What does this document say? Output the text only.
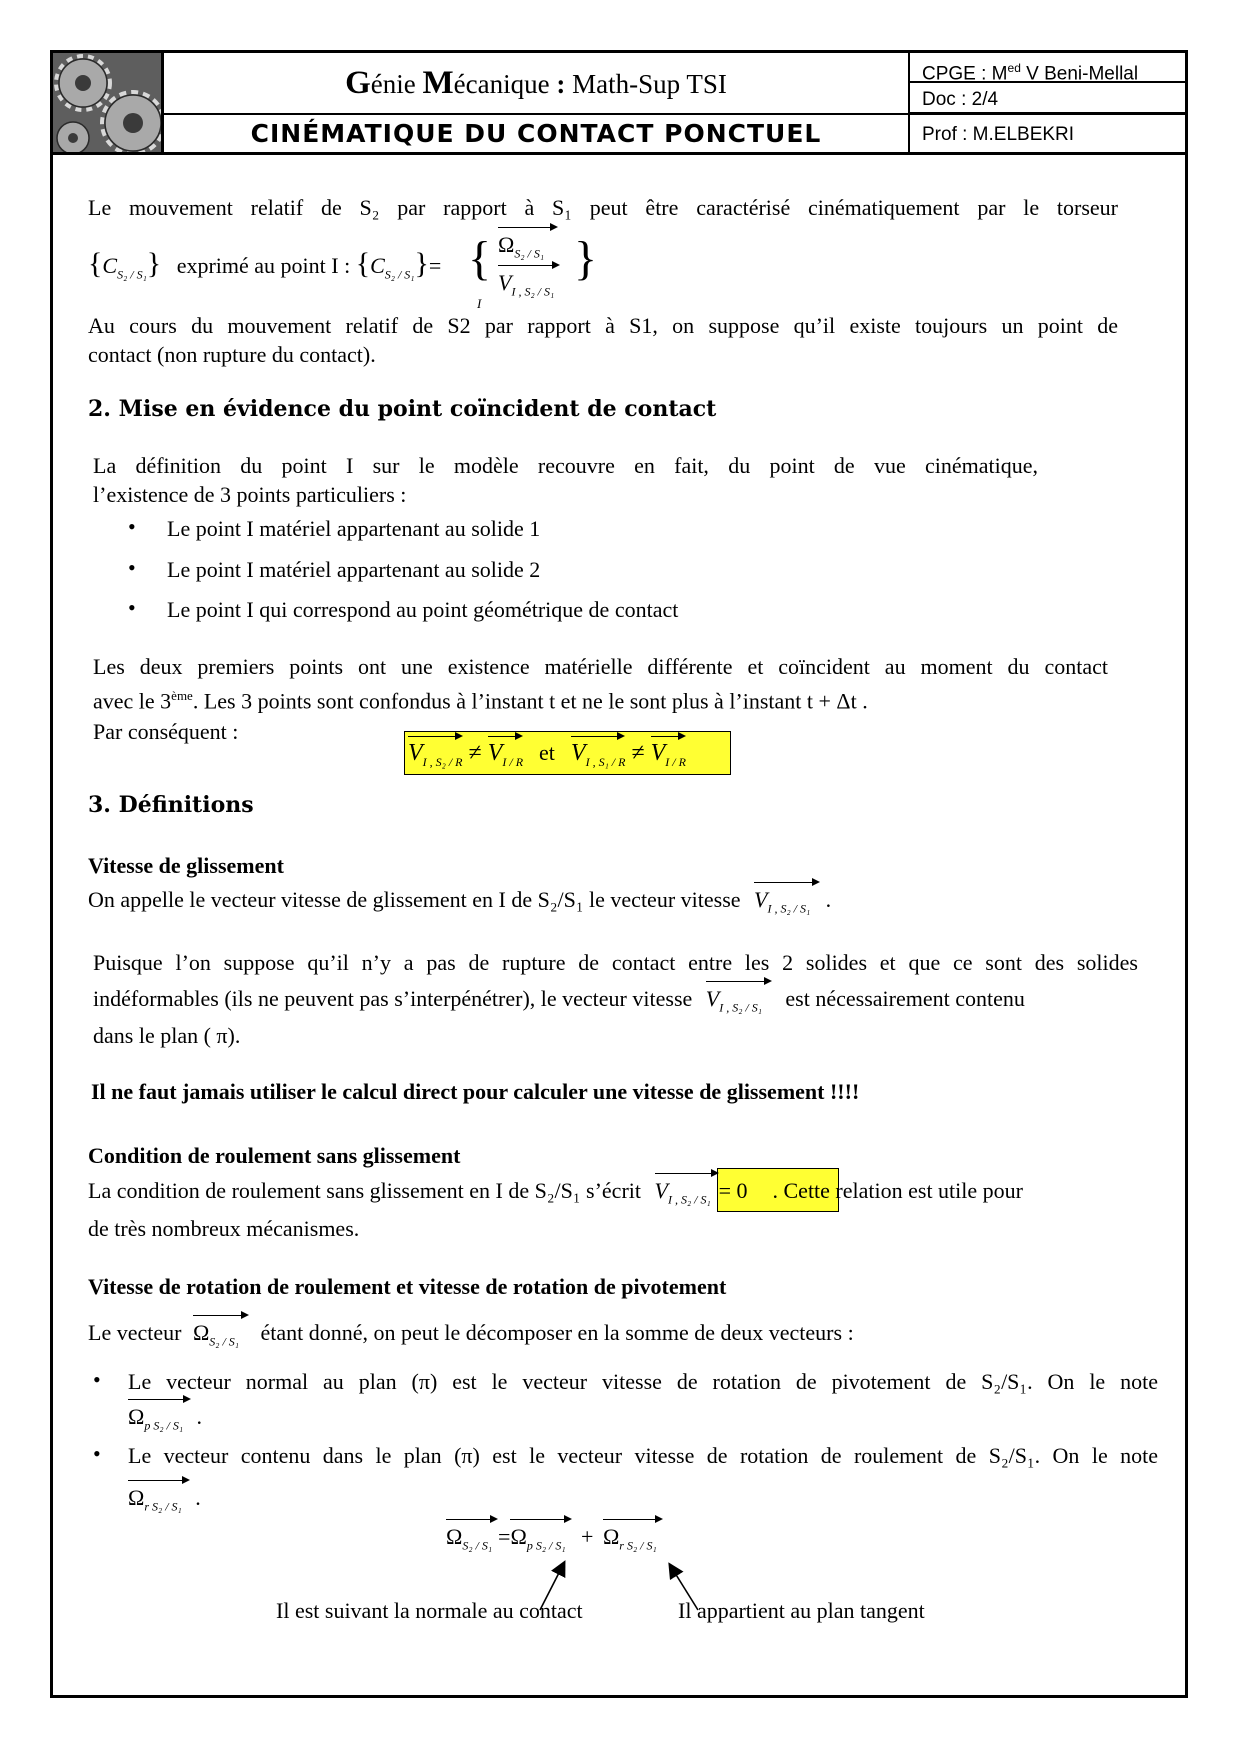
Génie Mécanique : Math-Sup TSI
CINÉMATIQUE DU CONTACT PONCTUEL
CPGE : $M^{ed}$ V Beni-Mellal
Doc : 2/4
Prof : M.ELBEKRI
Le mouvement relatif de S₂ par rapport à S₁ peut être caractérisé cinématiquement par le torseur
$\{C_{S_2 / S_1}\}$ exprimé au point I : $\{C_{S_2 / S_1}\}=$ { $\Omega_{S_2 / S_1}$
$V_{I , S_2 / S_1}$
}
I
Au cours du mouvement relatif de S2 par rapport à S1, on suppose qu’il existe toujours un point de
contact (non rupture du contact).
2. Mise en évidence du point coïncident de contact
La définition du point I sur le modèle recouvre en fait, du point de vue cinématique,
l’existence de 3 points particuliers :
• Le point I matériel appartenant au solide 1
• Le point I matériel appartenant au solide 2
• Le point I qui correspond au point géométrique de contact
Les deux premiers points ont une existence matérielle différente et coïncident au moment du contact
avec le 3ème. Les 3 points sont confondus à l’instant t et ne le sont plus à l’instant t + Δt .
Par conséquent :
$V_{I , S_2 / R} \ne V_{I / R}$ et $V_{I , S_1 / R} \ne V_{I / R}$
3. Définitions
Vitesse de glissement
On appelle le vecteur vitesse de glissement en I de S₂/S₁ le vecteur vitesse $V_{I , S_2 / S_1}$ .
Puisque l’on suppose qu’il n’y a pas de rupture de contact entre les 2 solides et que ce sont des solides
indéformables (ils ne peuvent pas s’interpénétrer), le vecteur vitesse $V_{I , S_2 / S_1}$ est nécessairement contenu
dans le plan ( π).
Il ne faut jamais utiliser le calcul direct pour calculer une vitesse de glissement !!!!
Condition de roulement sans glissement
La condition de roulement sans glissement en I de S₂/S₁ s’écrit $V_{I , S_2 / S_1} = 0$ . Cette relation est utile pour
de très nombreux mécanismes.
Vitesse de rotation de roulement et vitesse de rotation de pivotement
Le vecteur $\Omega_{S_2 / S_1}$ étant donné, on peut le décomposer en la somme de deux vecteurs :
• Le vecteur normal au plan (π) est le vecteur vitesse de rotation de pivotement de S₂/S₁. On le note
$\Omega_{p S_2 / S_1}$ .
• Le vecteur contenu dans le plan (π) est le vecteur vitesse de rotation de roulement de S₂/S₁. On le note
$\Omega_{r S_2 / S_1}$ .
$\Omega_{S_2 / S_1} =\Omega_{p S_2 / S_1} + \Omega_{r S_2 / S_1}$
Il est suivant la normale au contact	Il appartient au plan tangent
